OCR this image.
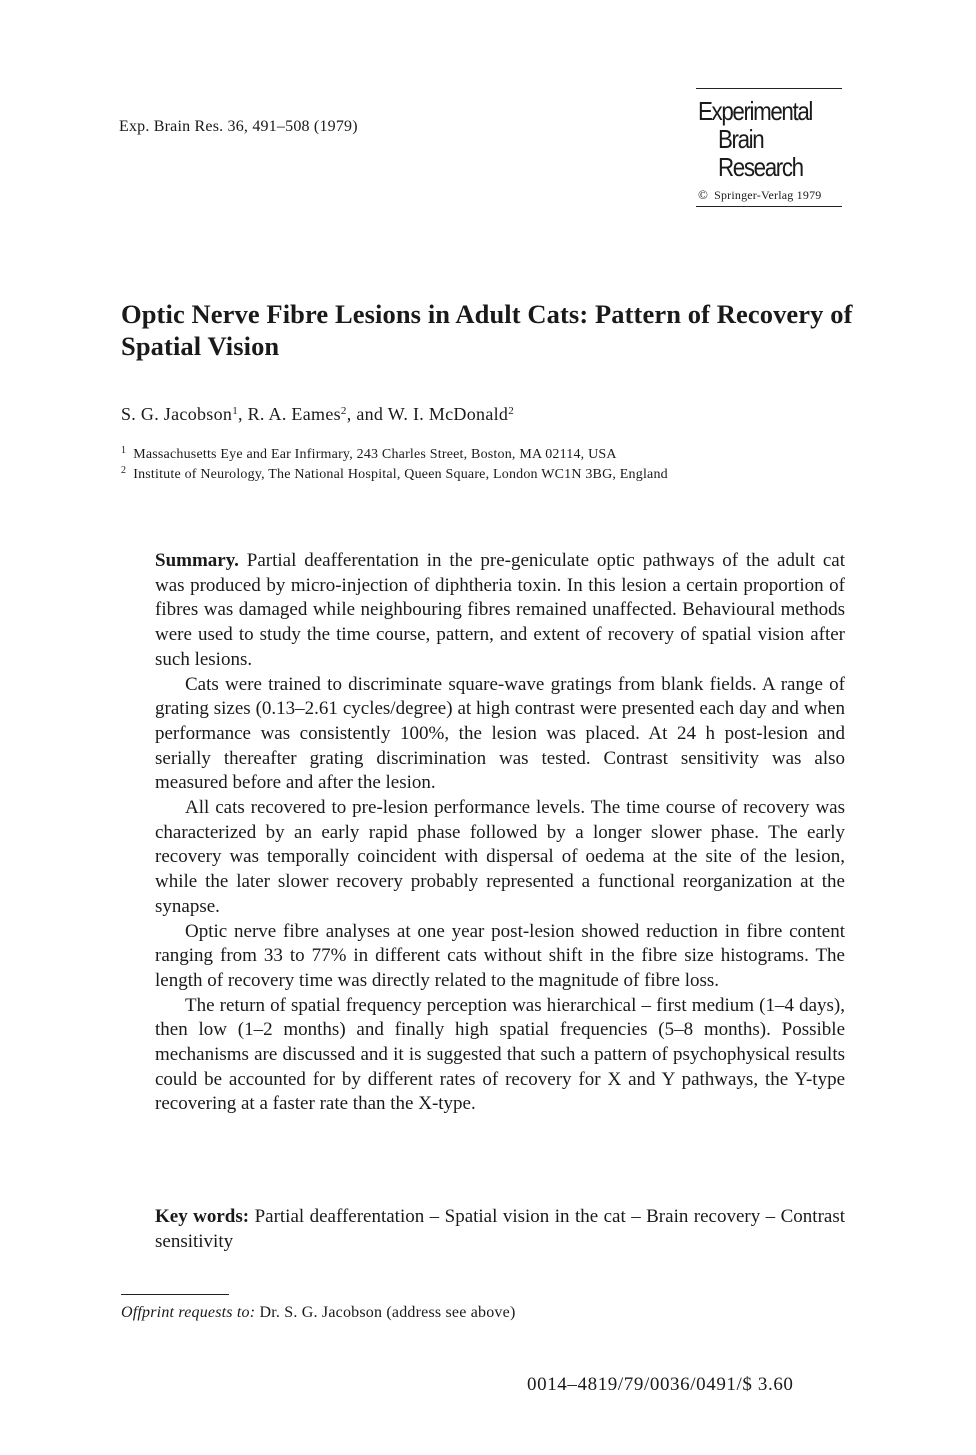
Exp. Brain Res. 36, 491–508 (1979)
Experimental
Brain
Research
© Springer-Verlag 1979
Optic Nerve Fibre Lesions in Adult Cats: Pattern of Recovery of Spatial Vision
S. G. Jacobson$^1$, R. A. Eames$^2$, and W. I. McDonald$^2$
$^1$ Massachusetts Eye and Ear Infirmary, 243 Charles Street, Boston, MA 02114, USA
$^2$ Institute of Neurology, The National Hospital, Queen Square, London WC1N 3BG, England

Summary. Partial deafferentation in the pre-geniculate optic pathways of the adult cat was produced by micro-injection of diphtheria toxin. In this lesion a certain proportion of fibres was damaged while neighbouring fibres remained unaffected. Behavioural methods were used to study the time course, pattern, and extent of recovery of spatial vision after such lesions.

Cats were trained to discriminate square-wave gratings from blank fields. A range of grating sizes (0.13–2.61 cycles/degree) at high contrast were presented each day and when performance was consistently 100%, the lesion was placed. At 24 h post-lesion and serially thereafter grating discrimination was tested. Contrast sensitivity was also measured before and after the lesion.

All cats recovered to pre-lesion performance levels. The time course of recovery was characterized by an early rapid phase followed by a longer slower phase. The early recovery was temporally coincident with dispersal of oedema at the site of the lesion, while the later slower recovery probably represented a functional reorganization at the synapse.

Optic nerve fibre analyses at one year post-lesion showed reduction in fibre content ranging from 33 to 77% in different cats without shift in the fibre size histograms. The length of recovery time was directly related to the magnitude of fibre loss.

The return of spatial frequency perception was hierarchical – first medium (1–4 days), then low (1–2 months) and finally high spatial frequencies (5–8 months). Possible mechanisms are discussed and it is suggested that such a pattern of psychophysical results could be accounted for by different rates of recovery for X and Y pathways, the Y-type recovering at a faster rate than the X-type.

Key words: Partial deafferentation – Spatial vision in the cat – Brain recovery – Contrast sensitivity
Offprint requests to: Dr. S. G. Jacobson (address see above)
0014–4819/79/0036/0491/$ 3.60
